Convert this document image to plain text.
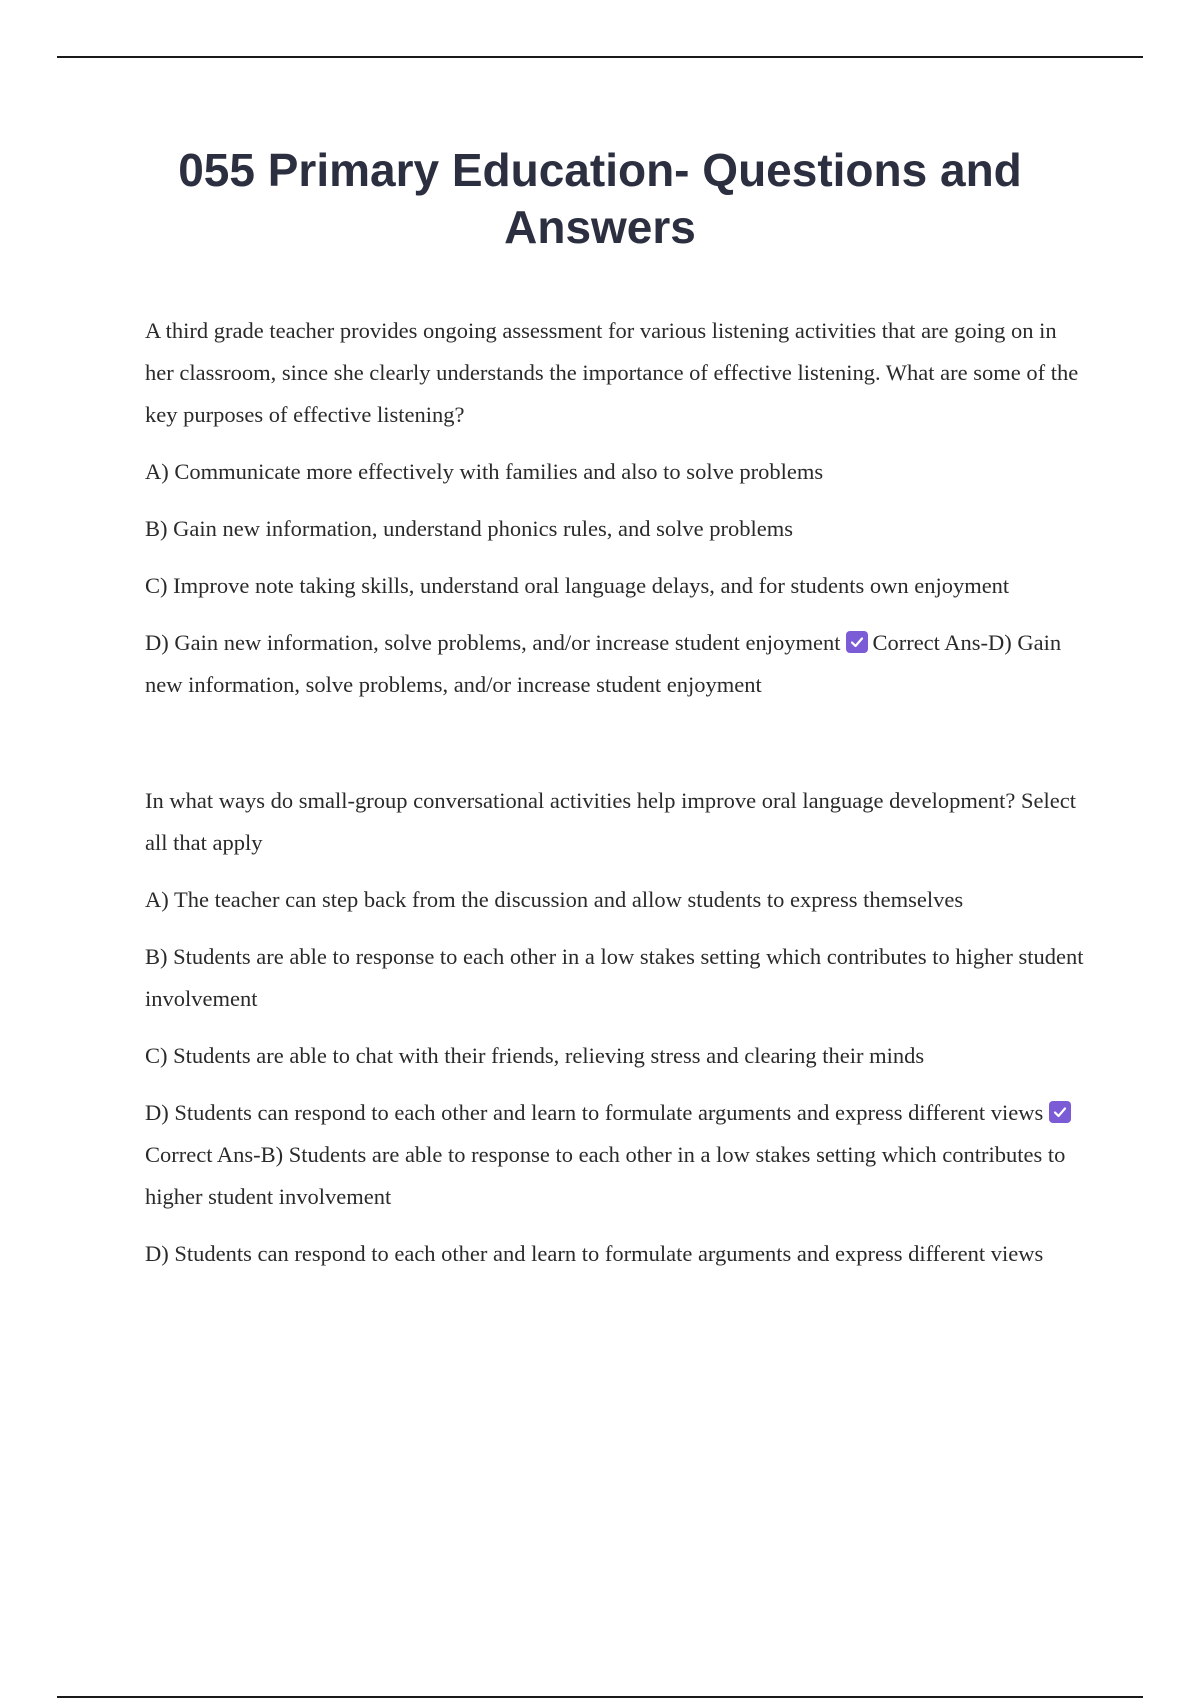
055 Primary Education- Questions and Answers

A third grade teacher provides ongoing assessment for various listening activities that are going on in her classroom, since she clearly understands the importance of effective listening. What are some of the key purposes of effective listening?

A) Communicate more effectively with families and also to solve problems

B) Gain new information, understand phonics rules, and solve problems

C) Improve note taking skills, understand oral language delays, and for students own enjoyment

D) Gain new information, solve problems, and/or increase student enjoyment Correct Ans-D) Gain new information, solve problems, and/or increase student enjoyment

In what ways do small-group conversational activities help improve oral language development? Select all that apply

A) The teacher can step back from the discussion and allow students to express themselves

B) Students are able to response to each other in a low stakes setting which contributes to higher student involvement

C) Students are able to chat with their friends, relieving stress and clearing their minds

D) Students can respond to each other and learn to formulate arguments and express different views
Correct Ans-B) Students are able to response to each other in a low stakes setting which contributes to higher student involvement

D) Students can respond to each other and learn to formulate arguments and express different views
